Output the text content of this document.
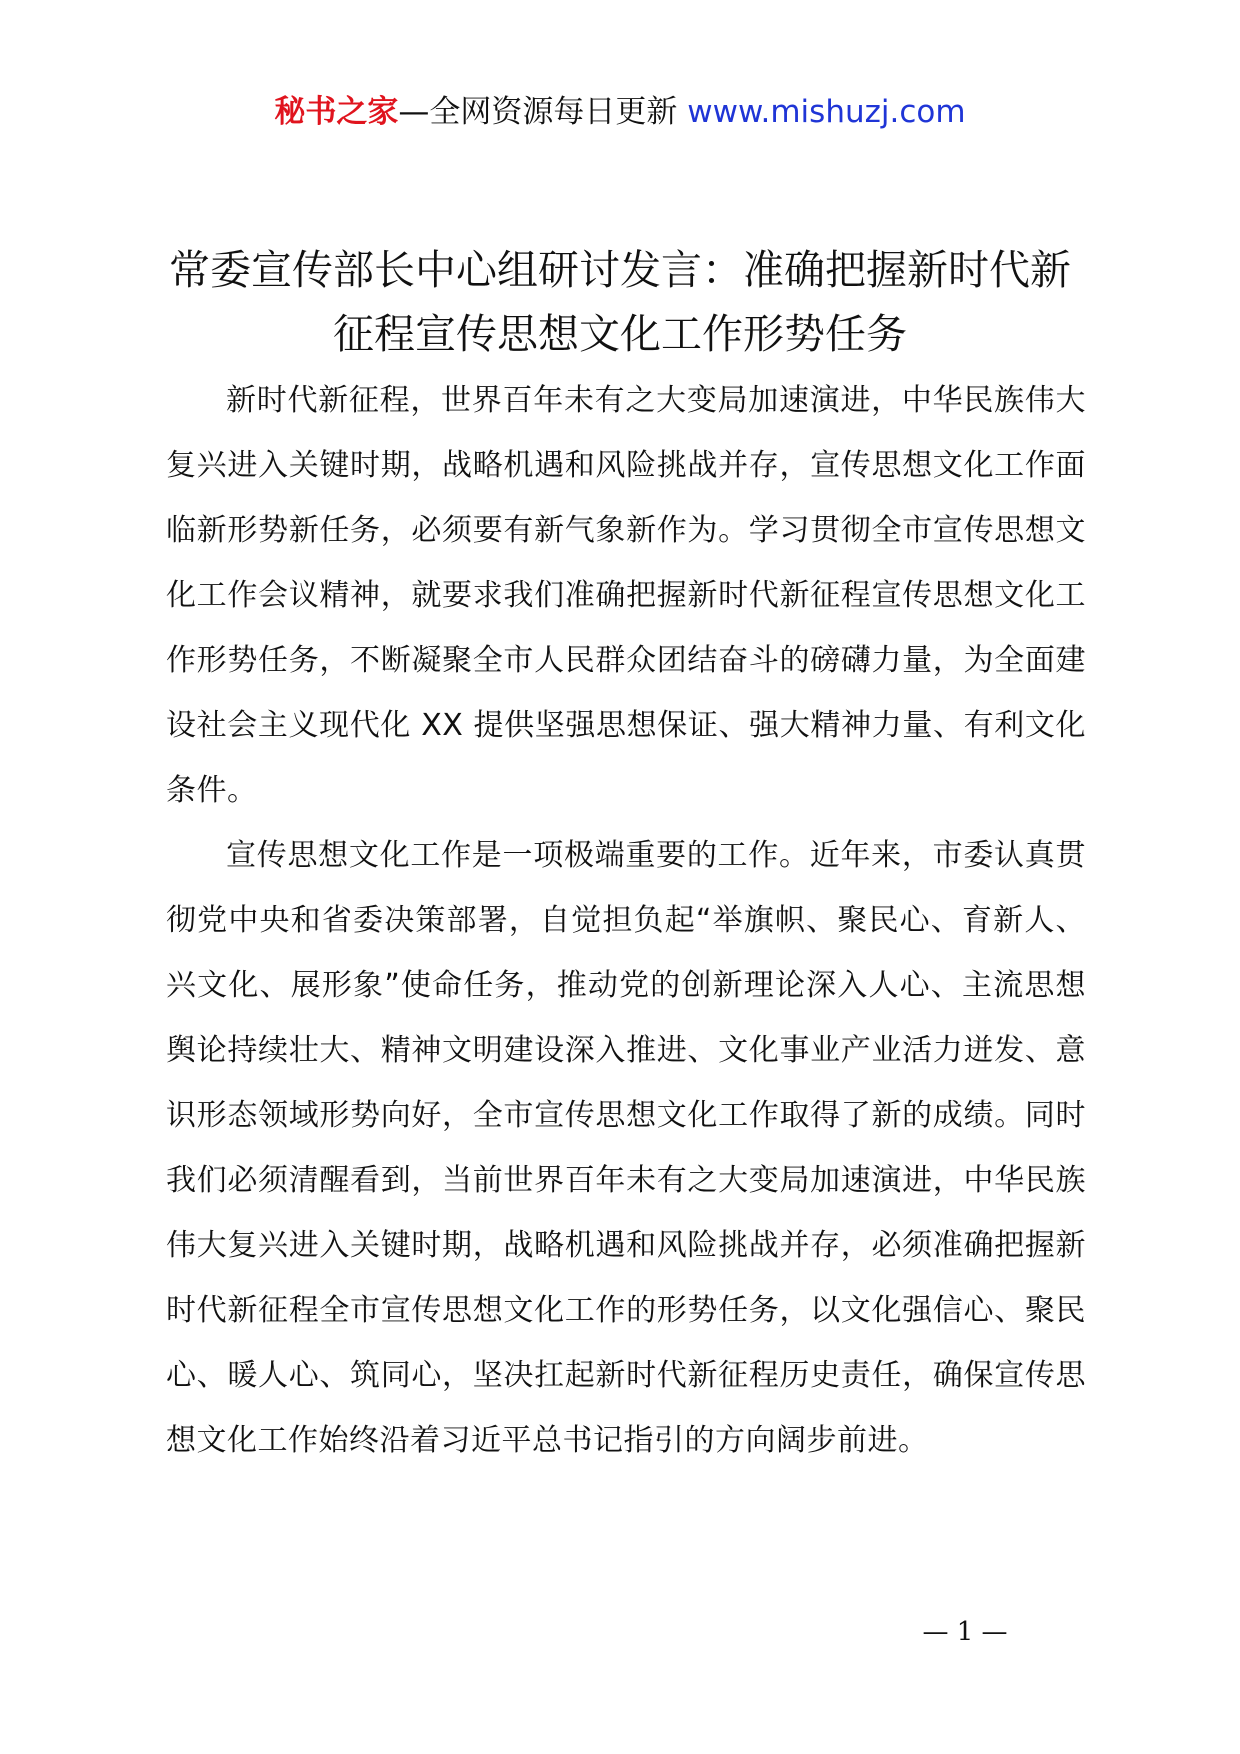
秘书之家—全网资源每日更新 www.mishuzj.com
常委宣传部长中心组研讨发言：准确把握新时代新征程宣传思想文化工作形势任务

新时代新征程，世界百年未有之大变局加速演进，中华民族伟大复兴进入关键时期，战略机遇和风险挑战并存，宣传思想文化工作面临新形势新任务，必须要有新气象新作为。学习贯彻全市宣传思想文化工作会议精神，就要求我们准确把握新时代新征程宣传思想文化工作形势任务，不断凝聚全市人民群众团结奋斗的磅礴力量，为全面建设社会主义现代化 XX 提供坚强思想保证、强大精神力量、有利文化条件。

宣传思想文化工作是一项极端重要的工作。近年来，市委认真贯彻党中央和省委决策部署，自觉担负起“举旗帜、聚民心、育新人、兴文化、展形象”使命任务，推动党的创新理论深入人心、主流思想舆论持续壮大、精神文明建设深入推进、文化事业产业活力迸发、意识形态领域形势向好，全市宣传思想文化工作取得了新的成绩。同时我们必须清醒看到，当前世界百年未有之大变局加速演进，中华民族伟大复兴进入关键时期，战略机遇和风险挑战并存，必须准确把握新时代新征程全市宣传思想文化工作的形势任务，以文化强信心、聚民心、暖人心、筑同心，坚决扛起新时代新征程历史责任，确保宣传思想文化工作始终沿着习近平总书记指引的方向阔步前进。

— 1 —
